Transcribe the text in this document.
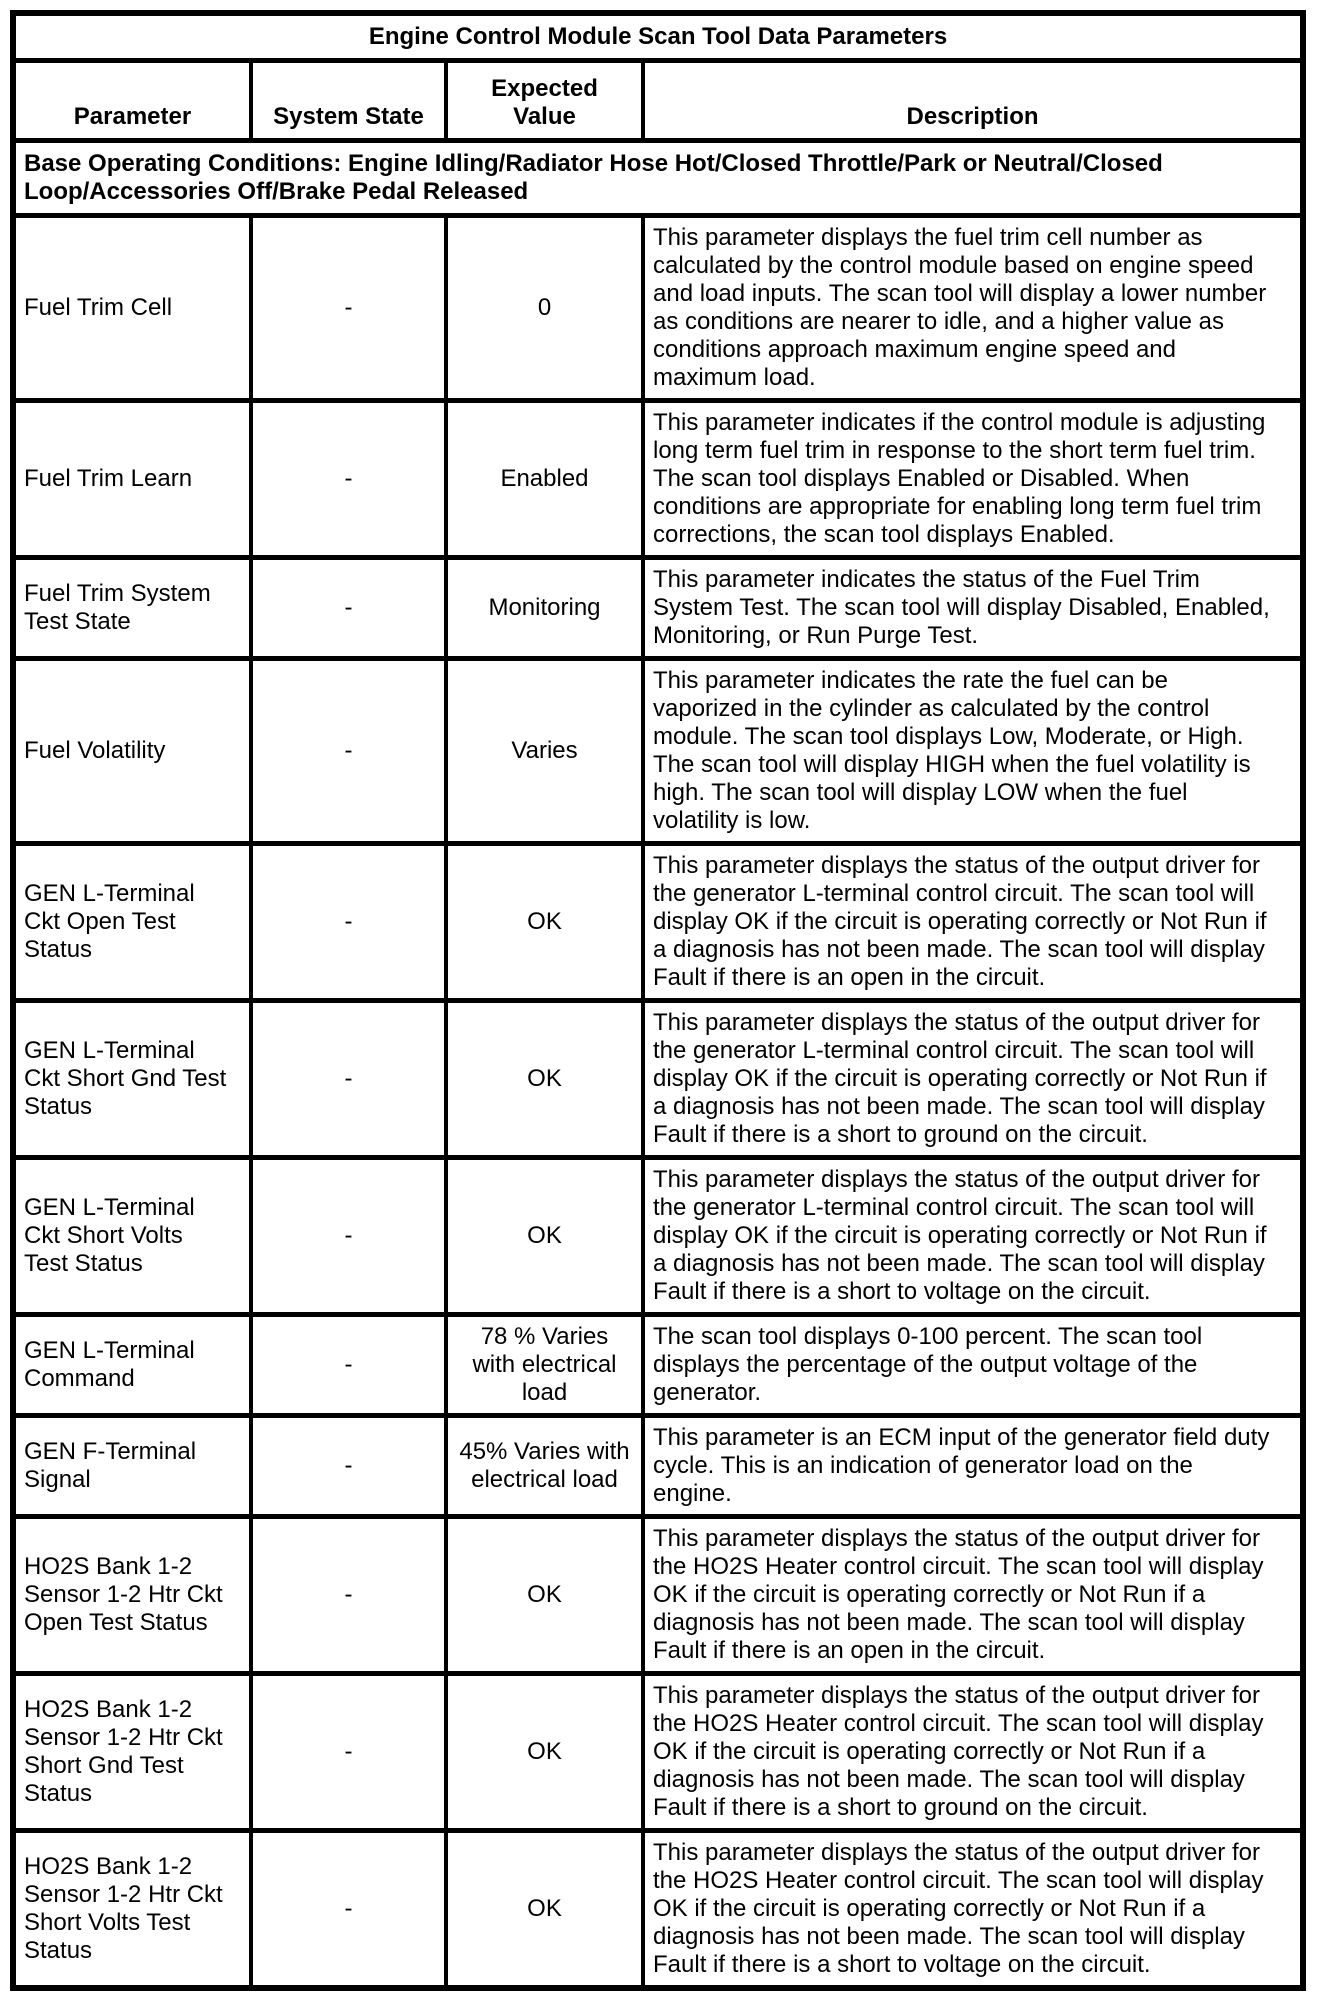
Engine Control Module Scan Tool Data Parameters			
Parameter	System State	Expected Value	Description

Base Operating Conditions: Engine Idling/Radiator Hose Hot/Closed Throttle/Park or Neutral/Closed
Loop/Accessories Off/Brake Pedal Released			

Fuel Trim Cell	-	0	This parameter displays the fuel trim cell number as calculated by the control module based on engine speed and load inputs. The scan tool will display a lower number as conditions are nearer to idle, and a higher value as conditions approach maximum engine speed and maximum load.
Fuel Trim Learn	-	Enabled	This parameter indicates if the control module is adjusting long term fuel trim in response to the short term fuel trim. The scan tool displays Enabled or Disabled. When conditions are appropriate for enabling long term fuel trim corrections, the scan tool displays Enabled.
Fuel Trim System Test State	-	Monitoring	This parameter indicates the status of the Fuel Trim System Test. The scan tool will display Disabled, Enabled, Monitoring, or Run Purge Test.
Fuel Volatility	-	Varies	This parameter indicates the rate the fuel can be vaporized in the cylinder as calculated by the control module. The scan tool displays Low, Moderate, or High. The scan tool will display HIGH when the fuel volatility is high. The scan tool will display LOW when the fuel volatility is low.
GEN L-Terminal Ckt Open Test Status	-	OK	This parameter displays the status of the output driver for the generator L-terminal control circuit. The scan tool will display OK if the circuit is operating correctly or Not Run if a diagnosis has not been made. The scan tool will display Fault if there is an open in the circuit.
GEN L-Terminal Ckt Short Gnd Test Status	-	OK	This parameter displays the status of the output driver for the generator L-terminal control circuit. The scan tool will display OK if the circuit is operating correctly or Not Run if a diagnosis has not been made. The scan tool will display Fault if there is a short to ground on the circuit.
GEN L-Terminal Ckt Short Volts Test Status	-	OK	This parameter displays the status of the output driver for the generator L-terminal control circuit. The scan tool will display OK if the circuit is operating correctly or Not Run if a diagnosis has not been made. The scan tool will display Fault if there is a short to voltage on the circuit.
GEN L-Terminal Command	-	78 % Varies with electrical load	The scan tool displays 0-100 percent. The scan tool displays the percentage of the output voltage of the generator.
GEN F-Terminal Signal	-	45% Varies with electrical load	This parameter is an ECM input of the generator field duty cycle. This is an indication of generator load on the engine.
HO2S Bank 1-2 Sensor 1-2 Htr Ckt Open Test Status	-	OK	This parameter displays the status of the output driver for the HO2S Heater control circuit. The scan tool will display OK if the circuit is operating correctly or Not Run if a diagnosis has not been made. The scan tool will display Fault if there is an open in the circuit.
HO2S Bank 1-2 Sensor 1-2 Htr Ckt Short Gnd Test Status	-	OK	This parameter displays the status of the output driver for the HO2S Heater control circuit. The scan tool will display OK if the circuit is operating correctly or Not Run if a diagnosis has not been made. The scan tool will display Fault if there is a short to ground on the circuit.
HO2S Bank 1-2 Sensor 1-2 Htr Ckt Short Volts Test Status	-	OK	This parameter displays the status of the output driver for the HO2S Heater control circuit. The scan tool will display OK if the circuit is operating correctly or Not Run if a diagnosis has not been made. The scan tool will display Fault if there is a short to voltage on the circuit.
